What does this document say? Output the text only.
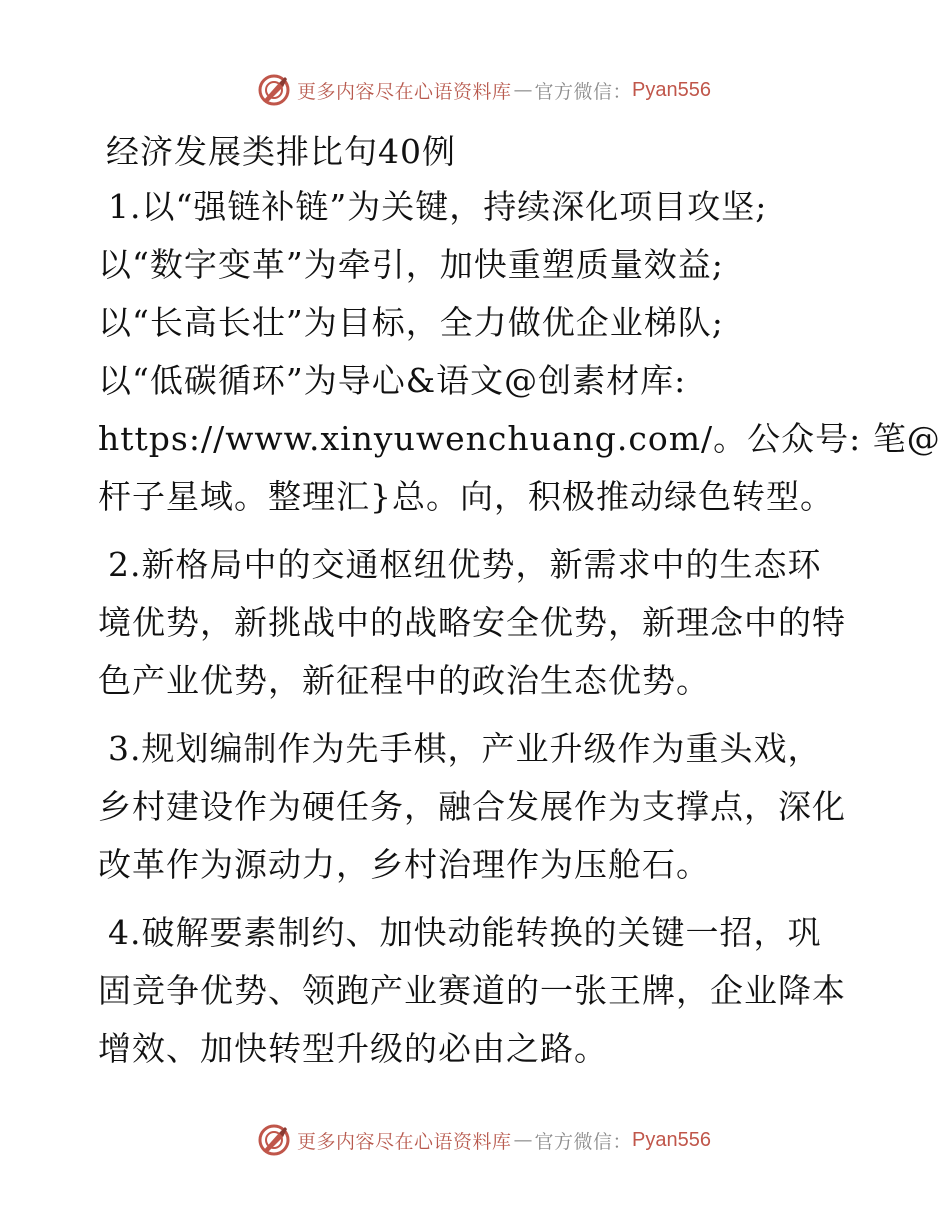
更多内容尽在心语资料库 — 官方微信： Pyan556
经济发展类排比句40例

1.以“强链补链”为关键，持续深化项目攻坚;
以“数字变革”为牵引，加快重塑质量效益;
以“长高长壮”为目标，全力做优企业梯队;
以“低碳循环”为导心&语文@创素材库:
https://www.xinyuwenchuang.com/。公众号: 笔@
杆子星域。整理汇}总。向，积极推动绿色转型。

2.新格局中的交通枢纽优势，新需求中的生态环
境优势，新挑战中的战略安全优势，新理念中的特
色产业优势，新征程中的政治生态优势。

3.规划编制作为先手棋，产业升级作为重头戏，
乡村建设作为硬任务，融合发展作为支撑点，深化
改革作为源动力，乡村治理作为压舱石。

4.破解要素制约、加快动能转换的关键一招，巩
固竞争优势、领跑产业赛道的一张王牌，企业降本
增效、加快转型升级的必由之路。

更多内容尽在心语资料库 — 官方微信： Pyan556
